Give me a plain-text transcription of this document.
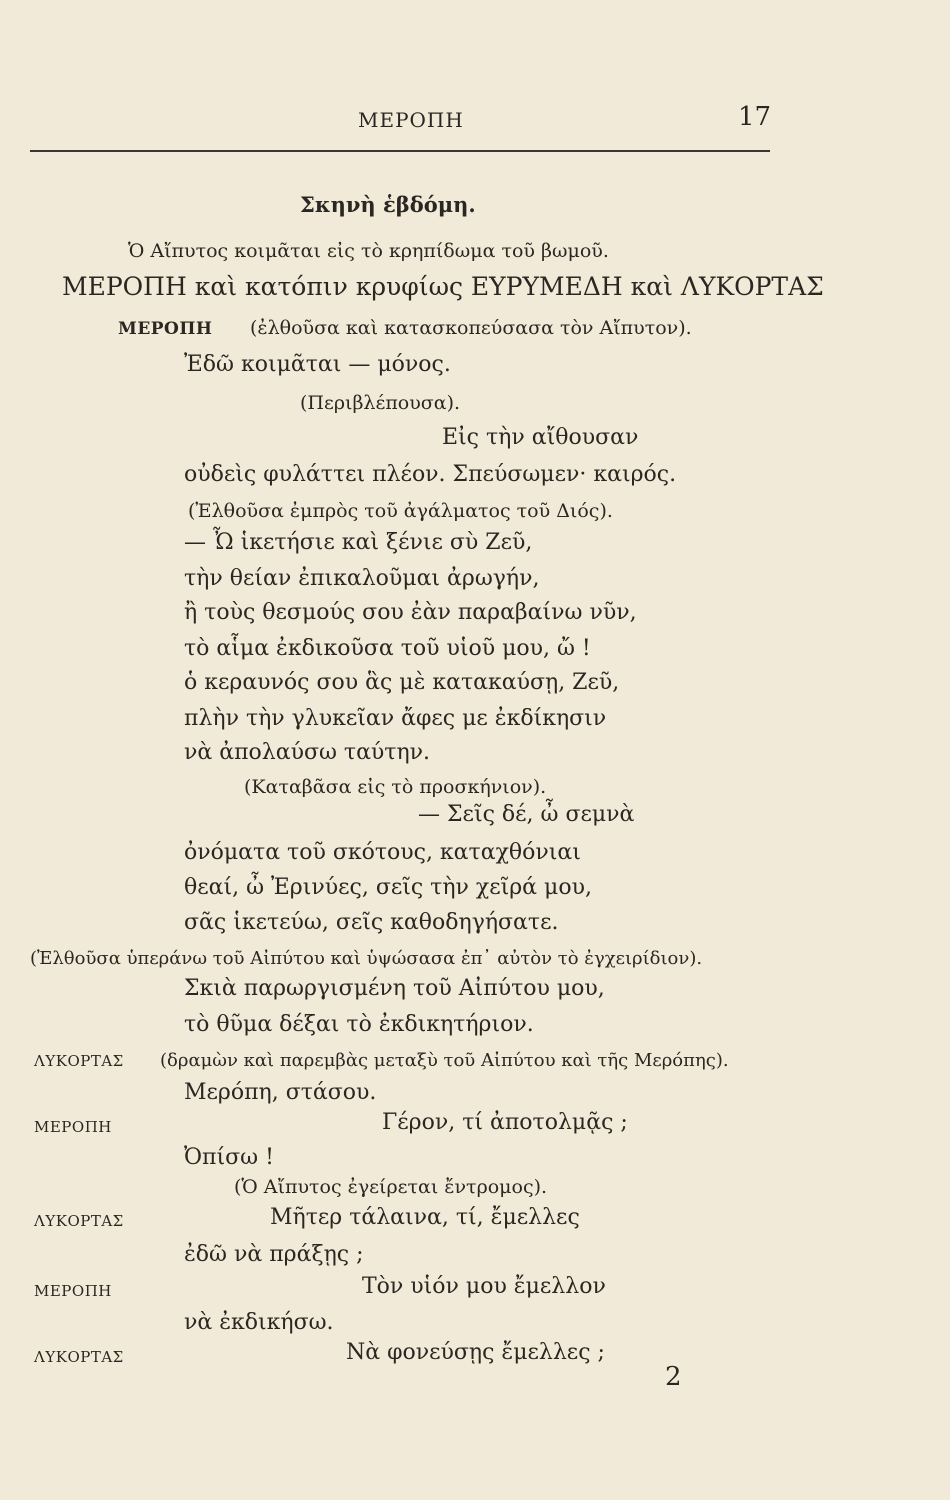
ΜΕΡΟΠΗ	17
Σκηνὴ ἑβδόμη.
Ὁ Αἴπυτος κοιμᾶται εἰς τὸ κρηπίδωμα τοῦ βωμοῦ.
ΜΕΡΟΠΗ καὶ κατόπιν κρυφίως ΕΥΡΥΜΕΔΗ καὶ ΛΥΚΟΡΤΑΣ
ΜΕΡΟΠΗ (ἐλθοῦσα καὶ κατασκοπεύσασα τὸν Αἴπυτον).
Ἐδῶ κοιμᾶται — μόνος.
(Περιβλέπουσα).
Εἰς τὴν αἴθουσαν
οὐδεὶς φυλάττει πλέον. Σπεύσωμεν· καιρός.
(Ἐλθοῦσα ἐμπρὸς τοῦ ἀγάλματος τοῦ Διός).
— Ὦ ἱκετήσιε καὶ ξένιε σὺ Ζεῦ,
τὴν θείαν ἐπικαλοῦμαι ἀρωγήν,
ἢ τοὺς θεσμούς σου ἐὰν παραβαίνω νῦν,
τὸ αἷμα ἐκδικοῦσα τοῦ υἱοῦ μου, ὤ !
ὁ κεραυνός σου ἃς μὲ κατακαύσῃ, Ζεῦ,
πλὴν τὴν γλυκεῖαν ἄφες με ἐκδίκησιν
νὰ ἀπολαύσω ταύτην.
(Καταβᾶσα εἰς τὸ προσκήνιον).
— Σεῖς δέ, ὦ σεμνὰ
ὀνόματα τοῦ σκότους, καταχθόνιαι
θεαί, ὦ Ἐρινύες, σεῖς τὴν χεῖρά μου,
σᾶς ἱκετεύω, σεῖς καθοδηγήσατε.
(Ἐλθοῦσα ὑπεράνω τοῦ Αἰπύτου καὶ ὑψώσασα ἐπ᾽ αὐτὸν τὸ ἐγχειρίδιον).
Σκιὰ παρωργισμένη τοῦ Αἰπύτου μου,
τὸ θῦμα δέξαι τὸ ἐκδικητήριον.
ΛΥΚΟΡΤΑΣ (δραμὼν καὶ παρεμβὰς μεταξὺ τοῦ Αἰπύτου καὶ τῆς Μερόπης).
Μερόπη, στάσου.
ΜΕΡΟΠΗ	Γέρον, τί ἀποτολμᾷς ;
Ὀπίσω !
(Ὁ Αἴπυτος ἐγείρεται ἔντρομος).
ΛΥΚΟΡΤΑΣ	Μῆτερ τάλαινα, τί, ἔμελλες
ἐδῶ νὰ πράξῃς ;
ΜΕΡΟΠΗ	Τὸν υἱόν μου ἔμελλον
νὰ ἐκδικήσω.
ΛΥΚΟΡΤΑΣ	Νὰ φονεύσῃς ἔμελλες ;
2
